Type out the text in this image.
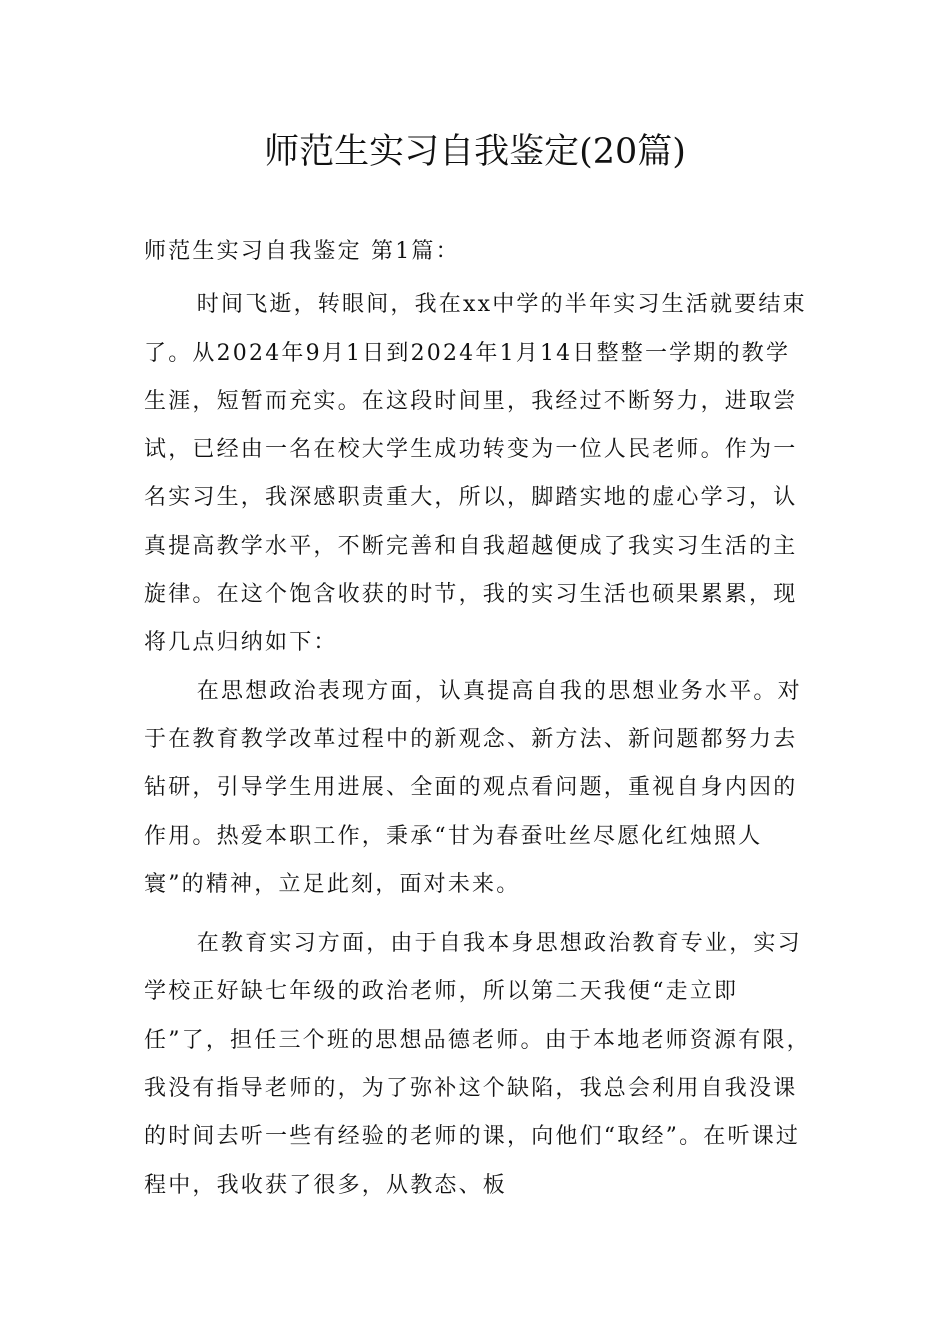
师范生实习自我鉴定(20篇)

师范生实习自我鉴定 第1篇：

时间飞逝，转眼间，我在xx中学的半年实习生活就要结束了。从2024年9月1日到2024年1月14日整整一学期的教学生涯，短暂而充实。在这段时间里，我经过不断努力，进取尝试，已经由一名在校大学生成功转变为一位人民老师。作为一名实习生，我深感职责重大，所以，脚踏实地的虚心学习，认真提高教学水平，不断完善和自我超越便成了我实习生活的主旋律。在这个饱含收获的时节，我的实习生活也硕果累累，现将几点归纳如下：

在思想政治表现方面，认真提高自我的思想业务水平。对于在教育教学改革过程中的新观念、新方法、新问题都努力去钻研，引导学生用进展、全面的观点看问题，重视自身内因的作用。热爱本职工作，秉承“甘为春蚕吐丝尽愿化红烛照人寰”的精神，立足此刻，面对未来。

在教育实习方面，由于自我本身思想政治教育专业，实习学校正好缺七年级的政治老师，所以第二天我便“走立即任”了，担任三个班的思想品德老师。由于本地老师资源有限，我没有指导老师的，为了弥补这个缺陷，我总会利用自我没课的时间去听一些有经验的老师的课，向他们“取经”。在听课过程中，我收获了很多，从教态、板
